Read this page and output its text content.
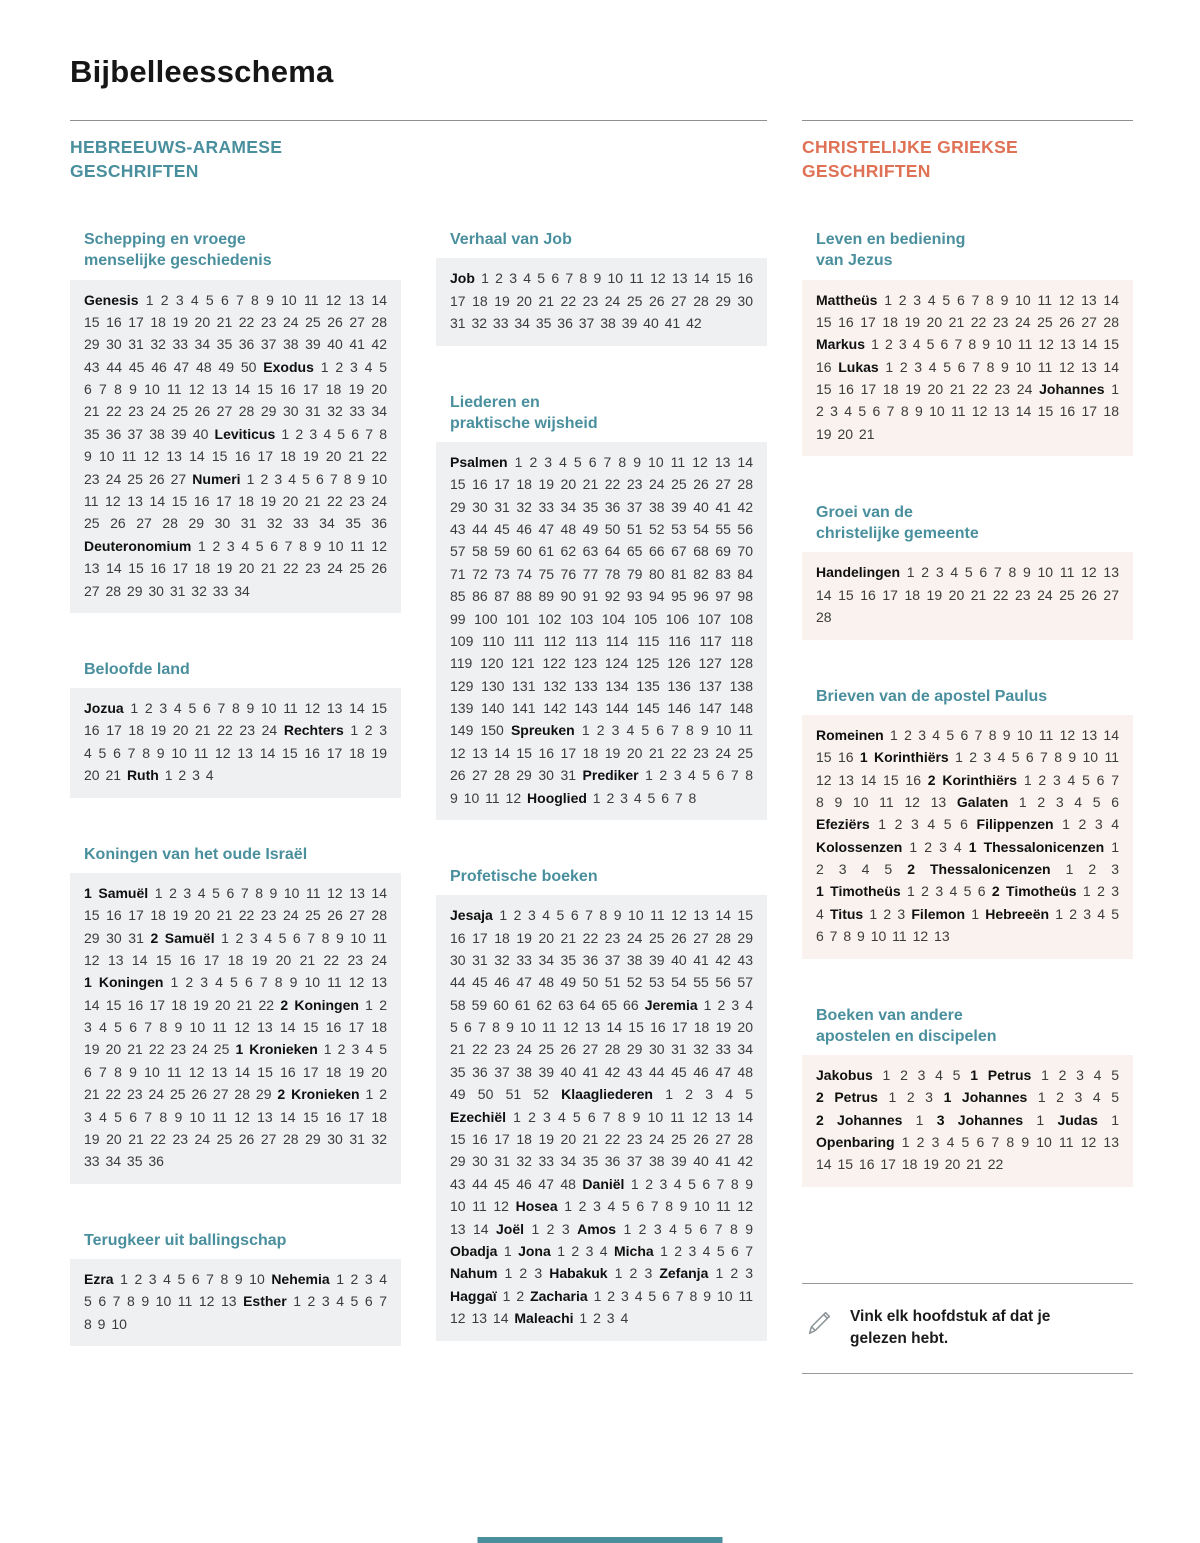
Bijbelleesschema
HEBREEUWS-ARAMESE
GESCHRIFTEN
CHRISTELIJKE GRIEKSE
GESCHRIFTEN
Schepping en vroege
menselijke geschiedenis

Genesis 1 2 3 4 5 6 7 8 9 10 11 12 13 14 15 16 17 18 19 20 21 22 23 24 25 26 27 28 29 30 31 32 33 34 35 36 37 38 39 40 41 42 43 44 45 46 47 48 49 50 Exodus 1 2 3 4 5 6 7 8 9 10 11 12 13 14 15 16 17 18 19 20 21 22 23 24 25 26 27 28 29 30 31 32 33 34 35 36 37 38 39 40 Leviticus 1 2 3 4 5 6 7 8 9 10 11 12 13 14 15 16 17 18 19 20 21 22 23 24 25 26 27 Numeri 1 2 3 4 5 6 7 8 9 10 11 12 13 14 15 16 17 18 19 20 21 22 23 24 25 26 27 28 29 30 31 32 33 34 35 36 Deuteronomium 1 2 3 4 5 6 7 8 9 10 11 12 13 14 15 16 17 18 19 20 21 22 23 24 25 26 27 28 29 30 31 32 33 34

Beloofde land

Jozua 1 2 3 4 5 6 7 8 9 10 11 12 13 14 15 16 17 18 19 20 21 22 23 24 Rechters 1 2 3 4 5 6 7 8 9 10 11 12 13 14 15 16 17 18 19 20 21 Ruth 1 2 3 4

Koningen van het oude Israël

1 Samuël 1 2 3 4 5 6 7 8 9 10 11 12 13 14 15 16 17 18 19 20 21 22 23 24 25 26 27 28 29 30 31 2 Samuël 1 2 3 4 5 6 7 8 9 10 11 12 13 14 15 16 17 18 19 20 21 22 23 24 1 Koningen 1 2 3 4 5 6 7 8 9 10 11 12 13 14 15 16 17 18 19 20 21 22 2 Koningen 1 2 3 4 5 6 7 8 9 10 11 12 13 14 15 16 17 18 19 20 21 22 23 24 25 1 Kronieken 1 2 3 4 5 6 7 8 9 10 11 12 13 14 15 16 17 18 19 20 21 22 23 24 25 26 27 28 29 2 Kronieken 1 2 3 4 5 6 7 8 9 10 11 12 13 14 15 16 17 18 19 20 21 22 23 24 25 26 27 28 29 30 31 32 33 34 35 36

Terugkeer uit ballingschap

Ezra 1 2 3 4 5 6 7 8 9 10 Nehemia 1 2 3 4 5 6 7 8 9 10 11 12 13 Esther 1 2 3 4 5 6 7 8 9 10

Verhaal van Job

Job 1 2 3 4 5 6 7 8 9 10 11 12 13 14 15 16 17 18 19 20 21 22 23 24 25 26 27 28 29 30 31 32 33 34 35 36 37 38 39 40 41 42

Liederen en
praktische wijsheid

Psalmen 1 2 3 4 5 6 7 8 9 10 11 12 13 14 15 16 17 18 19 20 21 22 23 24 25 26 27 28 29 30 31 32 33 34 35 36 37 38 39 40 41 42 43 44 45 46 47 48 49 50 51 52 53 54 55 56 57 58 59 60 61 62 63 64 65 66 67 68 69 70 71 72 73 74 75 76 77 78 79 80 81 82 83 84 85 86 87 88 89 90 91 92 93 94 95 96 97 98 99 100 101 102 103 104 105 106 107 108 109 110 111 112 113 114 115 116 117 118 119 120 121 122 123 124 125 126 127 128 129 130 131 132 133 134 135 136 137 138 139 140 141 142 143 144 145 146 147 148 149 150 Spreuken 1 2 3 4 5 6 7 8 9 10 11 12 13 14 15 16 17 18 19 20 21 22 23 24 25 26 27 28 29 30 31 Prediker 1 2 3 4 5 6 7 8 9 10 11 12 Hooglied 1 2 3 4 5 6 7 8

Profetische boeken

Jesaja 1 2 3 4 5 6 7 8 9 10 11 12 13 14 15 16 17 18 19 20 21 22 23 24 25 26 27 28 29 30 31 32 33 34 35 36 37 38 39 40 41 42 43 44 45 46 47 48 49 50 51 52 53 54 55 56 57 58 59 60 61 62 63 64 65 66 Jeremia 1 2 3 4 5 6 7 8 9 10 11 12 13 14 15 16 17 18 19 20 21 22 23 24 25 26 27 28 29 30 31 32 33 34 35 36 37 38 39 40 41 42 43 44 45 46 47 48 49 50 51 52 Klaagliederen 1 2 3 4 5 Ezechiël 1 2 3 4 5 6 7 8 9 10 11 12 13 14 15 16 17 18 19 20 21 22 23 24 25 26 27 28 29 30 31 32 33 34 35 36 37 38 39 40 41 42 43 44 45 46 47 48 Daniël 1 2 3 4 5 6 7 8 9 10 11 12 Hosea 1 2 3 4 5 6 7 8 9 10 11 12 13 14 Joël 1 2 3 Amos 1 2 3 4 5 6 7 8 9 Obadja 1 Jona 1 2 3 4 Micha 1 2 3 4 5 6 7 Nahum 1 2 3 Habakuk 1 2 3 Zefanja 1 2 3 Haggaï 1 2 Zacharia 1 2 3 4 5 6 7 8 9 10 11 12 13 14 Maleachi 1 2 3 4

Leven en bediening
van Jezus

Mattheüs 1 2 3 4 5 6 7 8 9 10 11 12 13 14 15 16 17 18 19 20 21 22 23 24 25 26 27 28 Markus 1 2 3 4 5 6 7 8 9 10 11 12 13 14 15 16 Lukas 1 2 3 4 5 6 7 8 9 10 11 12 13 14 15 16 17 18 19 20 21 22 23 24 Johannes 1 2 3 4 5 6 7 8 9 10 11 12 13 14 15 16 17 18 19 20 21

Groei van de
christelijke gemeente

Handelingen 1 2 3 4 5 6 7 8 9 10 11 12 13 14 15 16 17 18 19 20 21 22 23 24 25 26 27 28

Brieven van de apostel Paulus

Romeinen 1 2 3 4 5 6 7 8 9 10 11 12 13 14 15 16 1 Korinthiërs 1 2 3 4 5 6 7 8 9 10 11 12 13 14 15 16 2 Korinthiërs 1 2 3 4 5 6 7 8 9 10 11 12 13 Galaten 1 2 3 4 5 6 Efeziërs 1 2 3 4 5 6 Filippenzen 1 2 3 4 Kolossenzen 1 2 3 4 1 Thessalonicenzen 1 2 3 4 5 2 Thessalonicenzen 1 2 3 1 Timotheüs 1 2 3 4 5 6 2 Timotheüs 1 2 3 4 Titus 1 2 3 Filemon 1 Hebreeën 1 2 3 4 5 6 7 8 9 10 11 12 13

Boeken van andere
apostelen en discipelen

Jakobus 1 2 3 4 5 1 Petrus 1 2 3 4 5 2 Petrus 1 2 3 1 Johannes 1 2 3 4 5 2 Johannes 1 3 Johannes 1 Judas 1 Openbaring 1 2 3 4 5 6 7 8 9 10 11 12 13 14 15 16 17 18 19 20 21 22

Vink elk hoofdstuk af dat je gelezen hebt.
